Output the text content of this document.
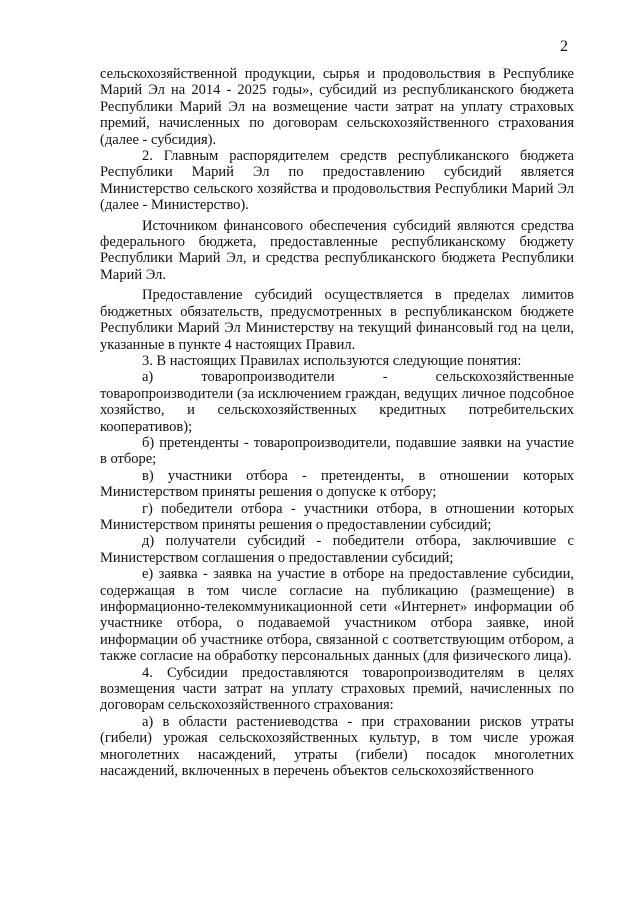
2

сельскохозяйственной продукции, сырья и продовольствия в Республике Марий Эл на 2014 - 2025 годы», субсидий из республиканского бюджета Республики Марий Эл на возмещение части затрат на уплату страховых премий, начисленных по договорам сельскохозяйственного страхования (далее - субсидия).

2. Главным распорядителем средств республиканского бюджета Республики Марий Эл по предоставлению субсидий является Министерство сельского хозяйства и продовольствия Республики Марий Эл (далее - Министерство).

Источником финансового обеспечения субсидий являются средства федерального бюджета, предоставленные республиканскому бюджету Республики Марий Эл, и средства республиканского бюджета Республики Марий Эл.

Предоставление субсидий осуществляется в пределах лимитов бюджетных обязательств, предусмотренных в республиканском бюджете Республики Марий Эл Министерству на текущий финансовый год на цели, указанные в пункте 4 настоящих Правил.

3. В настоящих Правилах используются следующие понятия:

а) товаропроизводители - сельскохозяйственные товаропроизводители (за исключением граждан, ведущих личное подсобное хозяйство, и сельскохозяйственных кредитных потребительских кооперативов);

б) претенденты - товаропроизводители, подавшие заявки на участие в отборе;

в) участники отбора - претенденты, в отношении которых Министерством приняты решения о допуске к отбору;

г) победители отбора - участники отбора, в отношении которых Министерством приняты решения о предоставлении субсидий;

д) получатели субсидий - победители отбора, заключившие с Министерством соглашения о предоставлении субсидий;

е) заявка - заявка на участие в отборе на предоставление субсидии, содержащая в том числе согласие на публикацию (размещение) в информационно-телекоммуникационной сети «Интернет» информации об участнике отбора, о подаваемой участником отбора заявке, иной информации об участнике отбора, связанной с соответствующим отбором, а также согласие на обработку персональных данных (для физического лица).

4. Субсидии предоставляются товаропроизводителям в целях возмещения части затрат на уплату страховых премий, начисленных по договорам сельскохозяйственного страхования:

а) в области растениеводства - при страховании рисков утраты (гибели) урожая сельскохозяйственных культур, в том числе урожая многолетних насаждений, утраты (гибели) посадок многолетних насаждений, включенных в перечень объектов сельскохозяйственного
